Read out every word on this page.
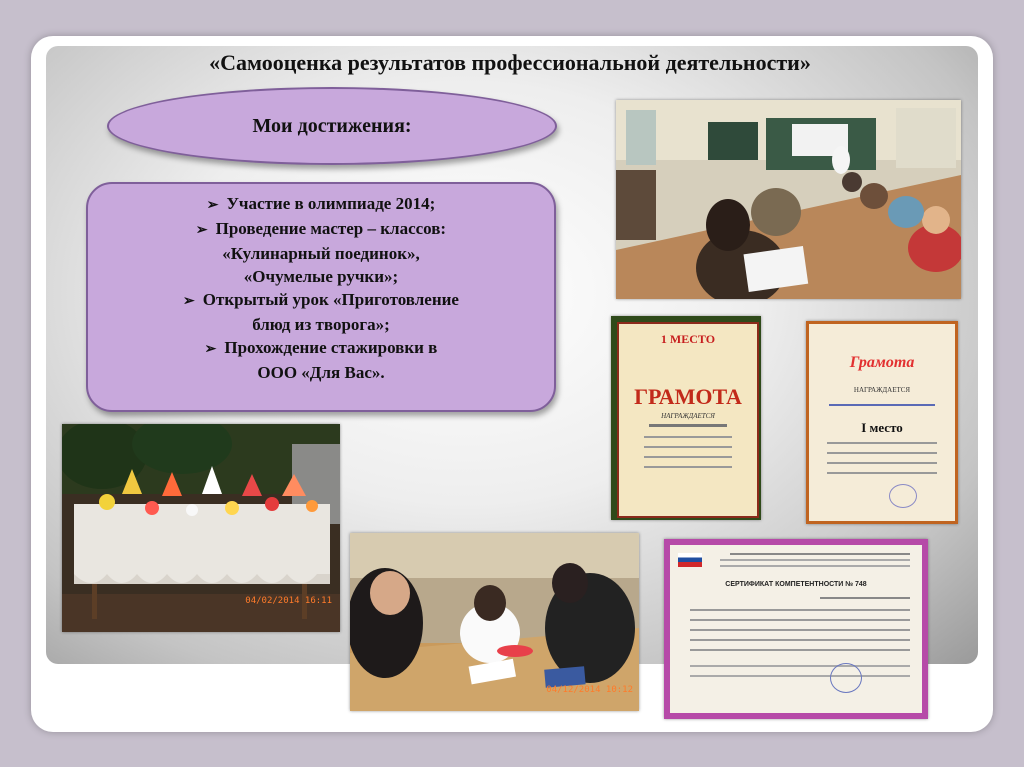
«Самооценка результатов профессиональной деятельности»
Мои достижения:
➢ Участие в олимпиаде 2014;
➢ Проведение мастер – классов:
«Кулинарный поединок»,
«Очумелые ручки»;
➢ Открытый урок «Приготовление
блюд из творога»;
➢ Прохождение стажировки в
ООО «Для Вас».
1 МЕСТО
ГРАМОТА
НАГРАЖДАЕТСЯ
Грамота
НАГРАЖДАЕТСЯ
I место
04/02/2014 16:11
04/12/2014 10:12
СЕРТИФИКАТ КОМПЕТЕНТНОСТИ № 748
